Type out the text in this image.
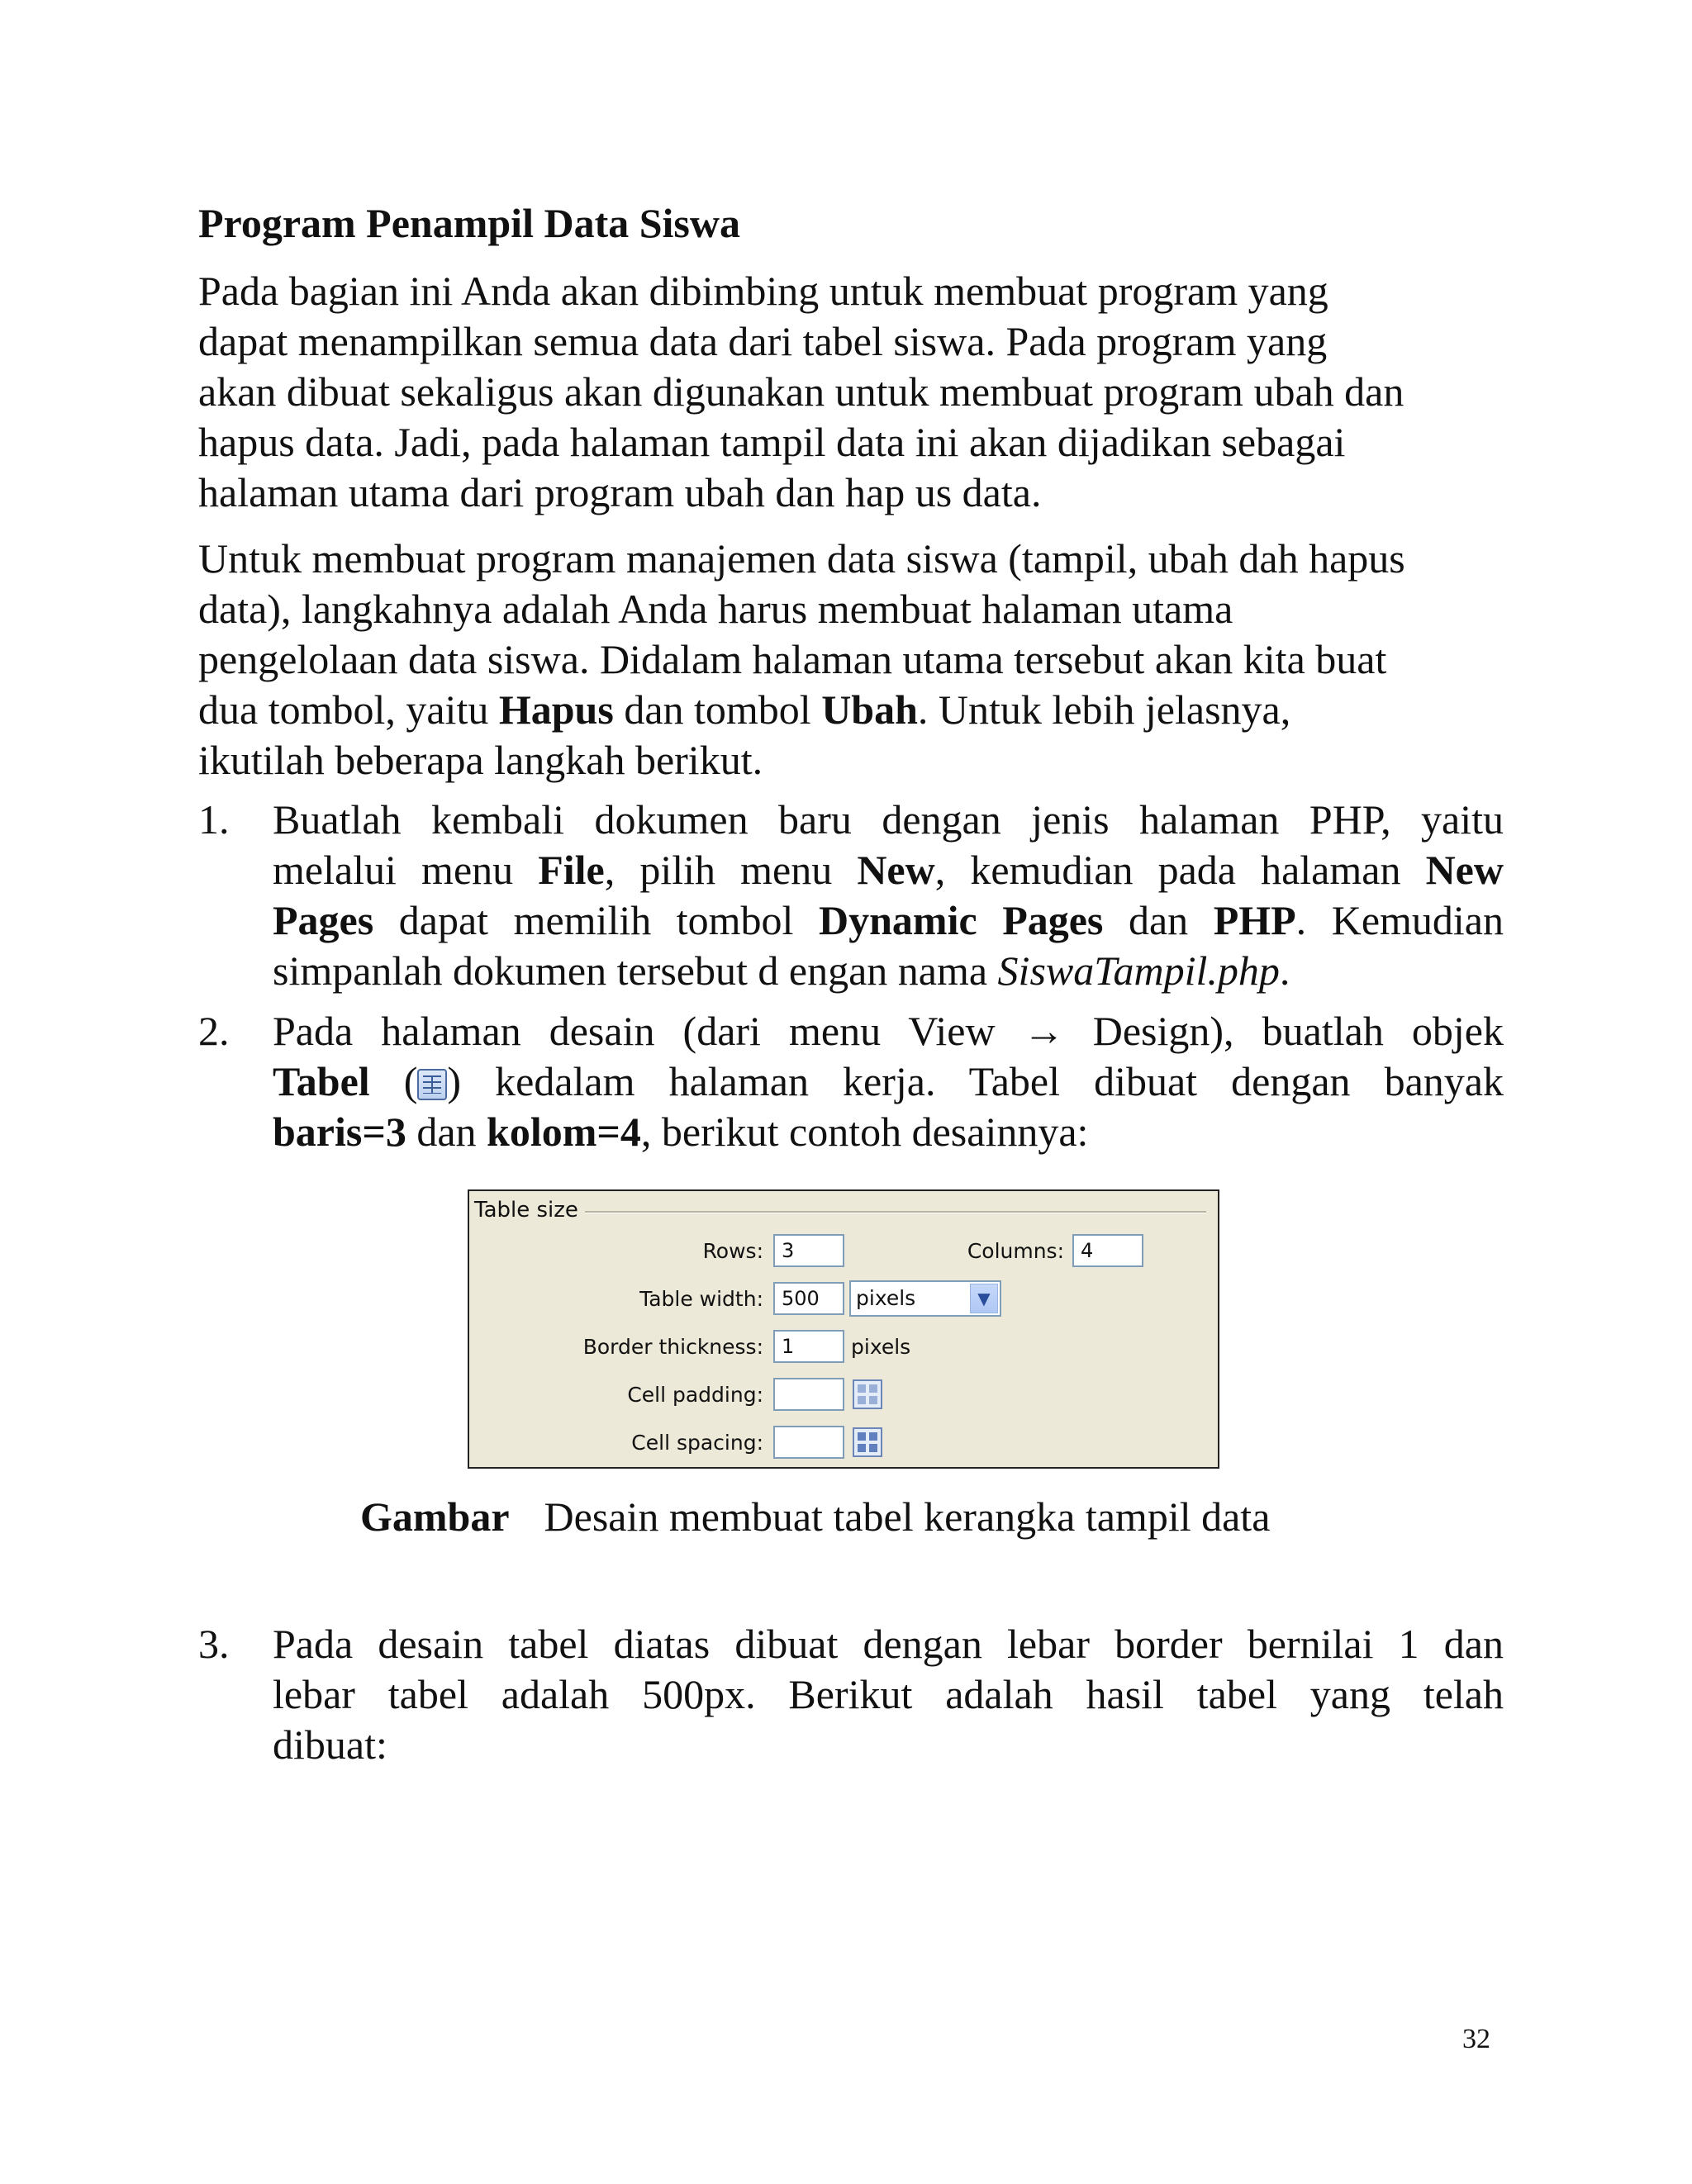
Program Penampil Data Siswa
Pada bagian ini Anda akan dibimbing untuk membuat program yang
dapat menampilkan semua data dari tabel siswa. Pada program yang
akan dibuat sekaligus akan digunakan untuk membuat program ubah dan
hapus data. Jadi, pada halaman tampil data ini akan dijadikan sebagai
halaman utama dari program ubah dan hap us data.
Untuk membuat program manajemen data siswa (tampil, ubah dah hapus
data), langkahnya adalah Anda harus membuat halaman utama
pengelolaan data siswa. Didalam halaman utama tersebut akan kita buat
dua tombol, yaitu Hapus dan tombol Ubah. Untuk lebih jelasnya,
ikutilah beberapa langkah berikut.
1. Buatlah kembali dokumen baru dengan jenis halaman PHP, yaitu
melalui menu File, pilih menu New, kemudian pada halaman New
Pages dapat memilih tombol Dynamic Pages dan PHP. Kemudian
simpanlah dokumen tersebut d engan nama SiswaTampil.php.
2. Pada halaman desain (dari menu View → Design), buatlah objek
Tabel ( ) kedalam halaman kerja. Tabel dibuat dengan banyak
baris=3 dan kolom=4, berikut contoh desainnya:
Table size
Rows: 3	Columns: 4
Table width: 500	pixels	▼
Border thickness: 1	pixels
Cell padding:
Cell spacing:
Gambar Desain membuat tabel kerangka tampil data
3. Pada desain tabel diatas dibuat dengan lebar border bernilai 1 dan
lebar tabel adalah 500px. Berikut adalah hasil tabel yang telah
dibuat:
32
